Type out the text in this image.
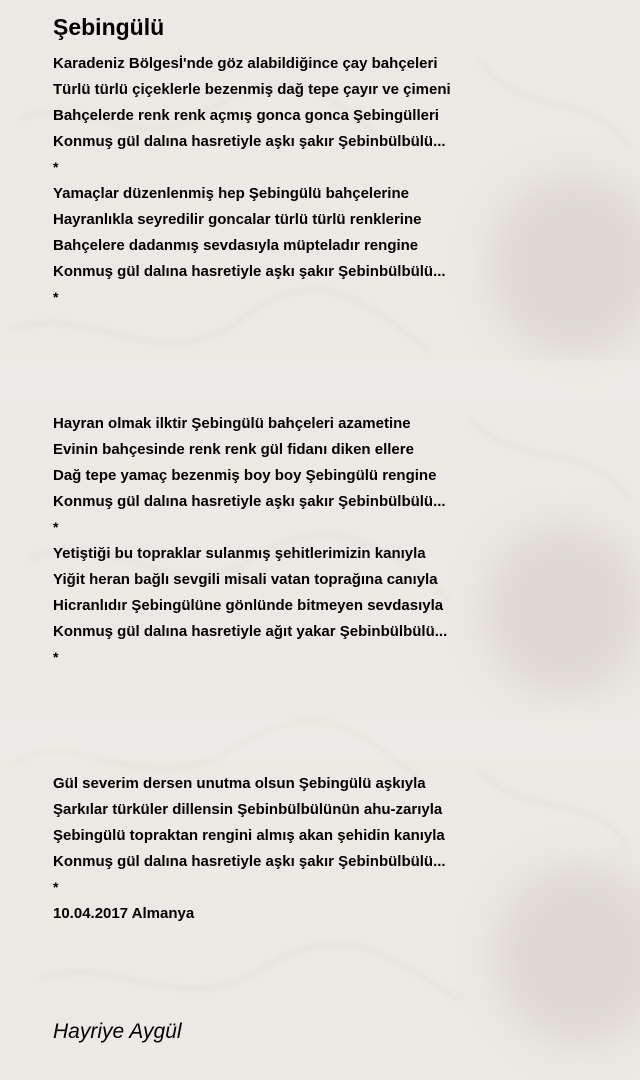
Şebingülü
Karadeniz Bölgesİ'nde göz alabildiğince çay bahçeleri
Türlü türlü çiçeklerle bezenmiş dağ tepe çayır ve çimeni
Bahçelerde renk renk açmış gonca gonca Şebingülleri
Konmuş gül dalına hasretiyle aşkı şakır Şebinbülbülü...
*
Yamaçlar düzenlenmiş hep Şebingülü bahçelerine
Hayranlıkla seyredilir goncalar türlü türlü renklerine
Bahçelere dadanmış sevdasıyla müpteladır rengine
Konmuş gül dalına hasretiyle aşkı şakır Şebinbülbülü...
*
Hayran olmak ilktir Şebingülü bahçeleri azametine
Evinin bahçesinde renk renk gül fidanı diken ellere
Dağ tepe yamaç bezenmiş boy boy Şebingülü rengine
Konmuş gül dalına hasretiyle aşkı şakır Şebinbülbülü...
*
Yetiştiği bu topraklar sulanmış şehitlerimizin kanıyla
Yiğit heran bağlı sevgili misali vatan toprağına canıyla
Hicranlıdır Şebingülüne gönlünde bitmeyen sevdasıyla
Konmuş gül dalına hasretiyle ağıt yakar Şebinbülbülü...
*
Gül severim dersen unutma olsun Şebingülü aşkıyla
Şarkılar türküler dillensin Şebinbülbülünün ahu-zarıyla
Şebingülü topraktan rengini almış akan şehidin kanıyla
Konmuş gül dalına hasretiyle aşkı şakır Şebinbülbülü...
*
10.04.2017 Almanya
Hayriye Aygül
